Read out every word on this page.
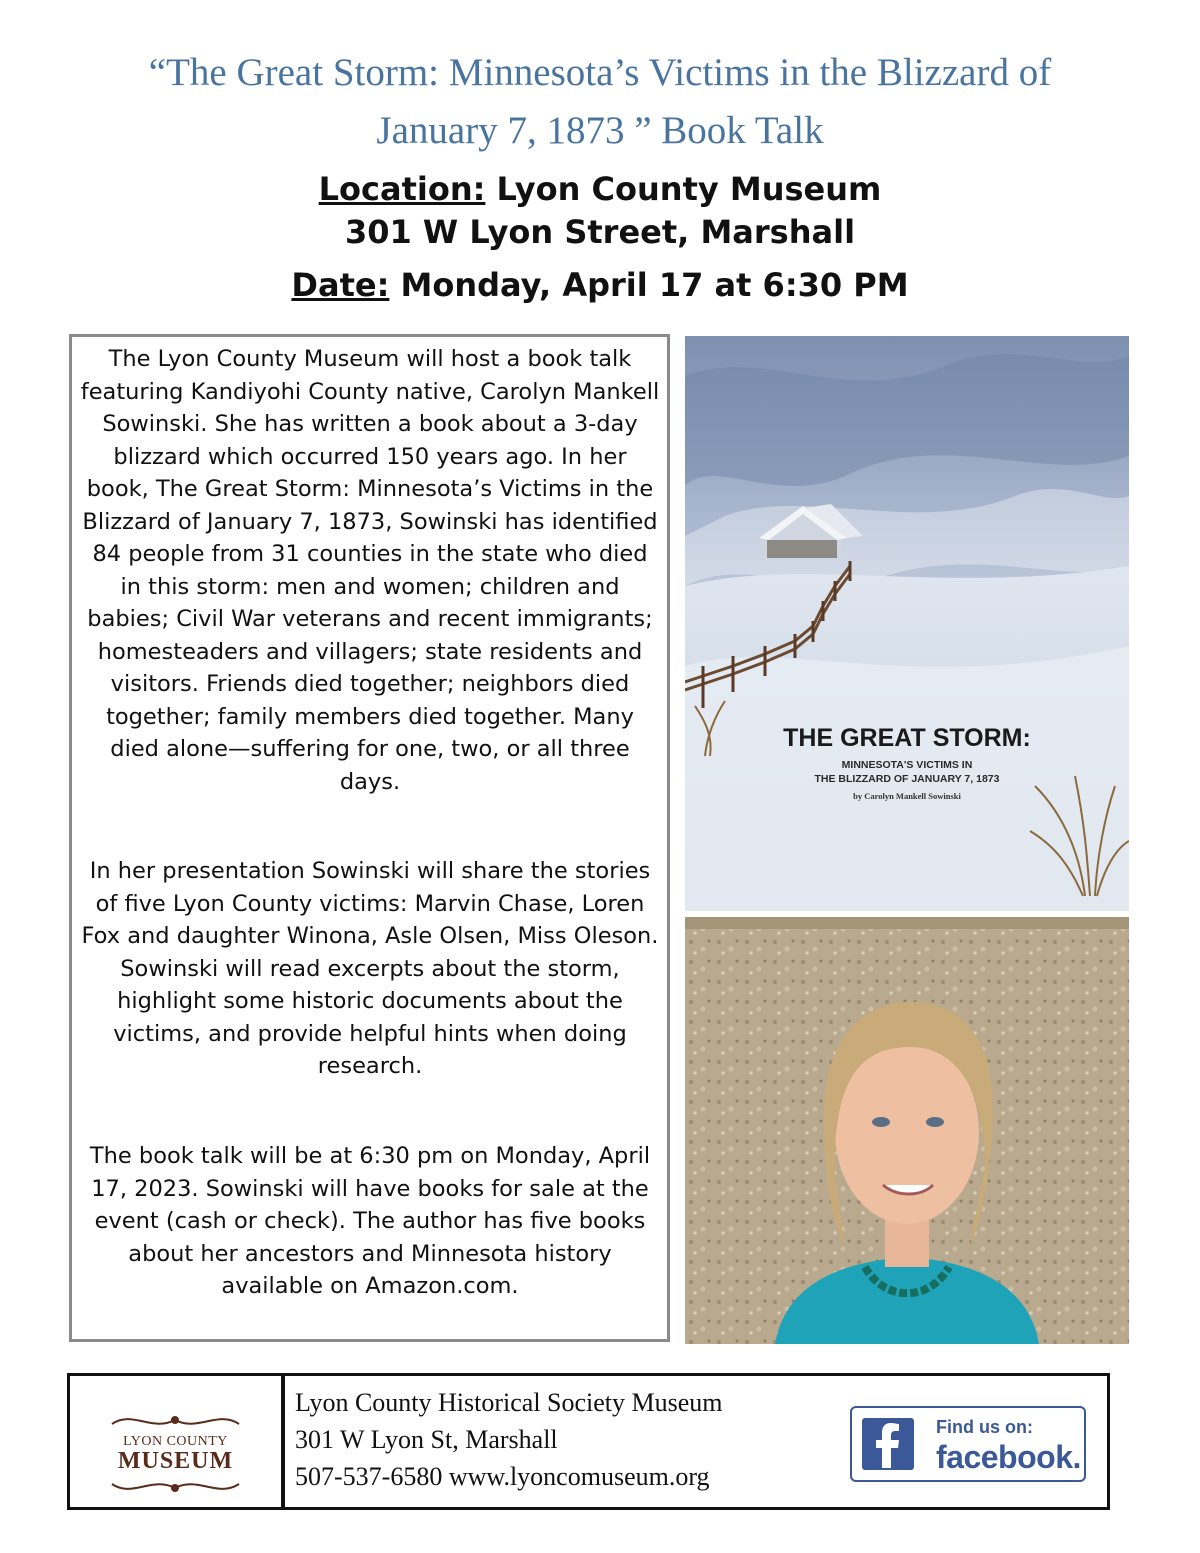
“The Great Storm: Minnesota’s Victims in the Blizzard of
January 7, 1873 ” Book Talk
Location: Lyon County Museum
301 W Lyon Street, Marshall
Date: Monday, April 17 at 6:30 PM
The Lyon County Museum will host a book talk featuring Kandiyohi County native, Carolyn Mankell Sowinski. She has written a book about a 3-day blizzard which occurred 150 years ago. In her book, The Great Storm: Minnesota’s Victims in the Blizzard of January 7, 1873, Sowinski has identified 84 people from 31 counties in the state who died in this storm: men and women; children and babies; Civil War veterans and recent immigrants; homesteaders and villagers; state residents and visitors. Friends died together; neighbors died together; family members died together. Many died alone—suffering for one, two, or all three days.
In her presentation Sowinski will share the stories of five Lyon County victims: Marvin Chase, Loren Fox and daughter Winona, Asle Olsen, Miss Oleson. Sowinski will read excerpts about the storm, highlight some historic documents about the victims, and provide helpful hints when doing research.
The book talk will be at 6:30 pm on Monday, April 17, 2023. Sowinski will have books for sale at the event (cash or check). The author has five books about her ancestors and Minnesota history available on Amazon.com.
THE GREAT STORM:
MINNESOTA'S VICTIMS IN
THE BLIZZARD OF JANUARY 7, 1873
by Carolyn Mankell Sowinski
LYON COUNTY
MUSEUM
Lyon County Historical Society Museum
301 W Lyon St, Marshall
507-537-6580 www.lyoncomuseum.org
Find us on:
facebook.
